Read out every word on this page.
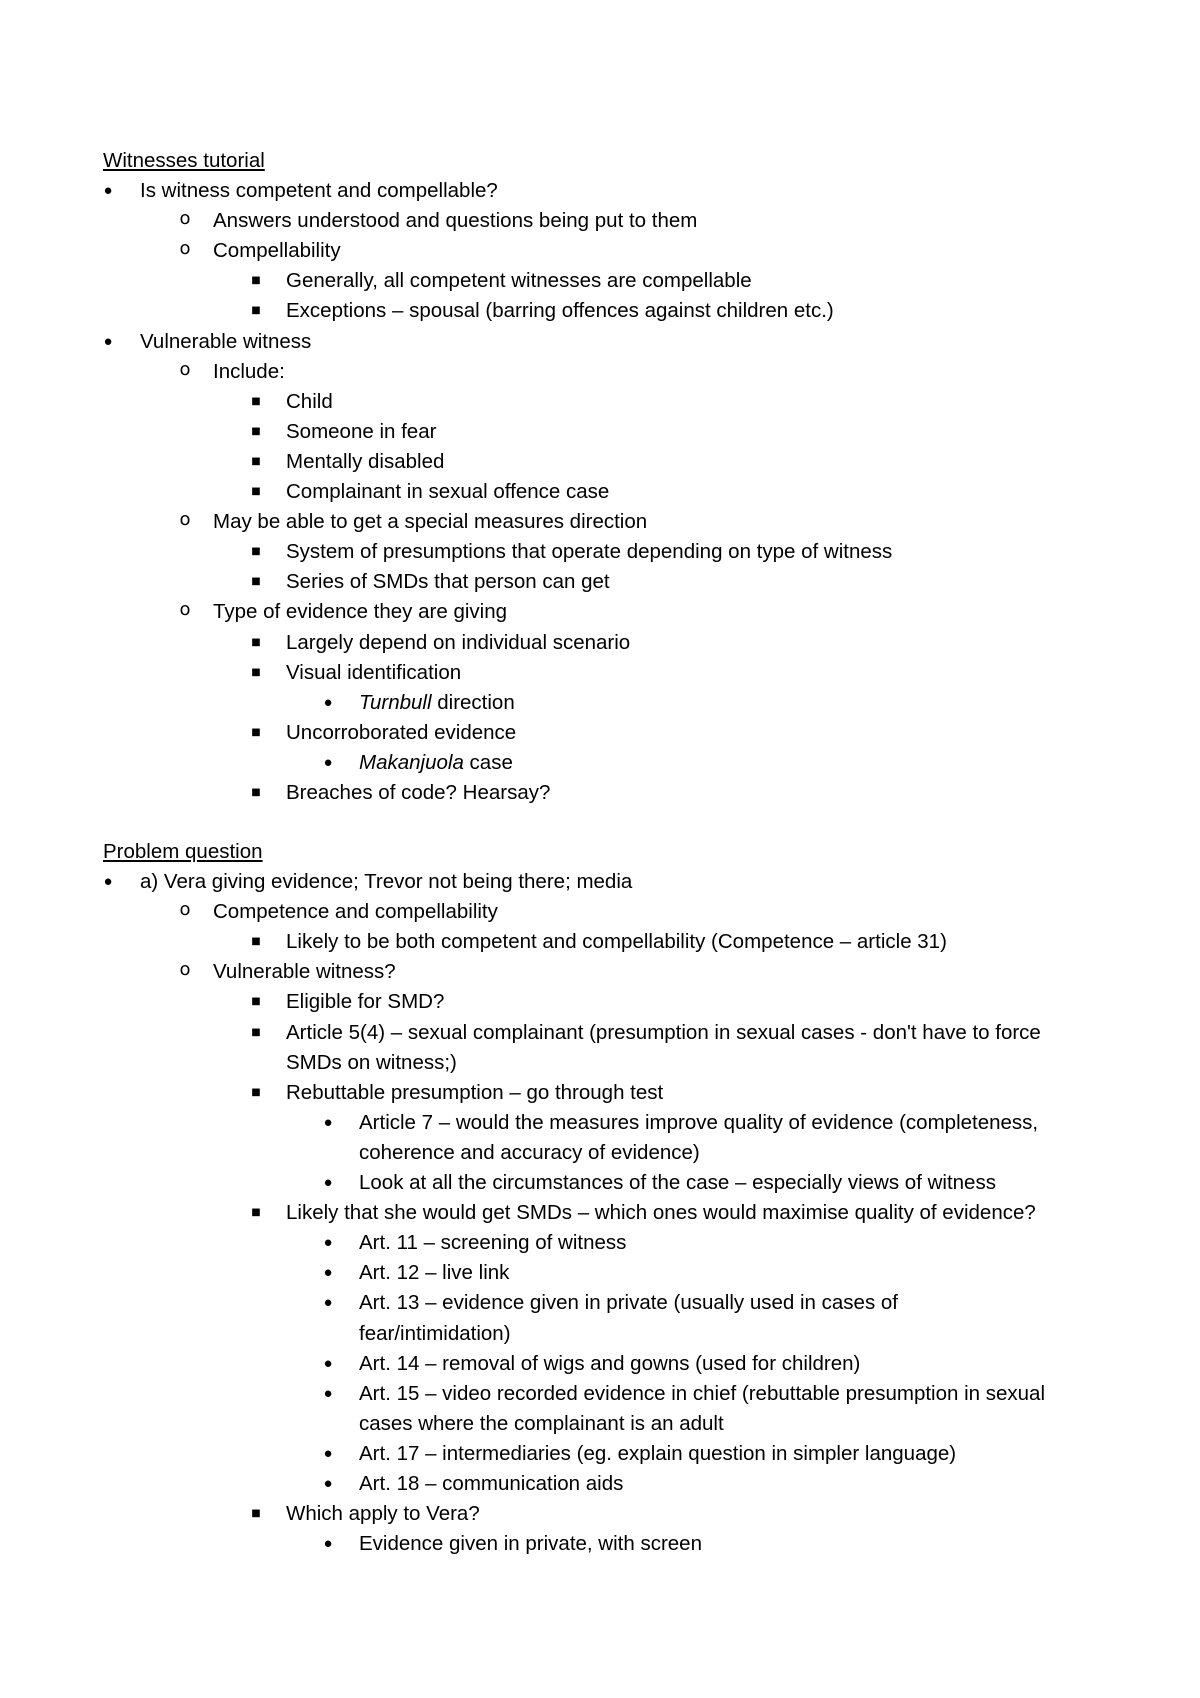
Witnesses tutorial
● Is witness competent and compellable?
o Answers understood and questions being put to them
o Compellability
■ Generally, all competent witnesses are compellable
■ Exceptions – spousal (barring offences against children etc.)
● Vulnerable witness
o Include:
■ Child
■ Someone in fear
■ Mentally disabled
■ Complainant in sexual offence case
o May be able to get a special measures direction
■ System of presumptions that operate depending on type of witness
■ Series of SMDs that person can get
o Type of evidence they are giving
■ Largely depend on individual scenario
■ Visual identification
● Turnbull direction
■ Uncorroborated evidence
● Makanjuola case
■ Breaches of code? Hearsay?
Problem question
● a) Vera giving evidence; Trevor not being there; media
o Competence and compellability
■ Likely to be both competent and compellability (Competence – article 31)
o Vulnerable witness?
■ Eligible for SMD?
■ Article 5(4) – sexual complainant (presumption in sexual cases - don't have to force
SMDs on witness;)
■ Rebuttable presumption – go through test
● Article 7 – would the measures improve quality of evidence (completeness,
coherence and accuracy of evidence)
● Look at all the circumstances of the case – especially views of witness
■ Likely that she would get SMDs – which ones would maximise quality of evidence?
● Art. 11 – screening of witness
● Art. 12 – live link
● Art. 13 – evidence given in private (usually used in cases of
fear/intimidation)
● Art. 14 – removal of wigs and gowns (used for children)
● Art. 15 – video recorded evidence in chief (rebuttable presumption in sexual
cases where the complainant is an adult
● Art. 17 – intermediaries (eg. explain question in simpler language)
● Art. 18 – communication aids
■ Which apply to Vera?
● Evidence given in private, with screen
